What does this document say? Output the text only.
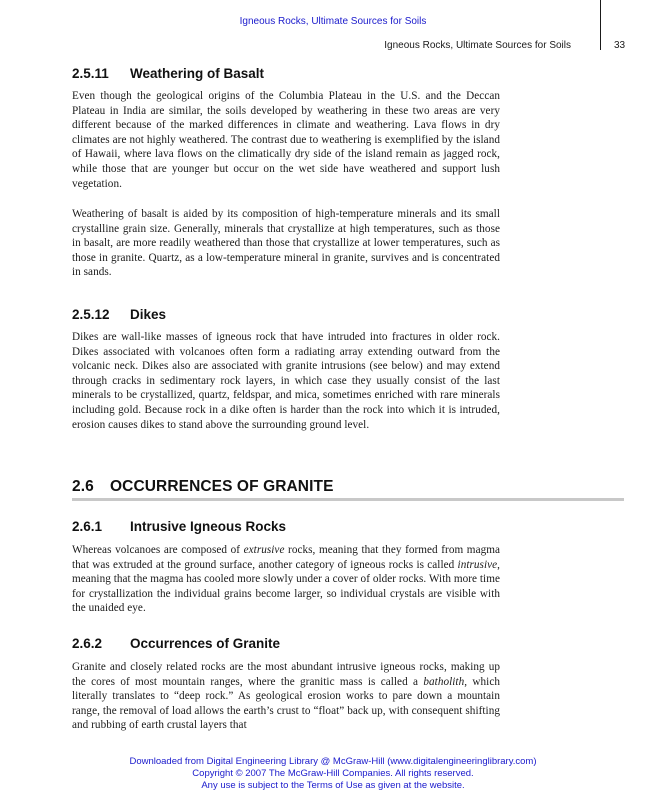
Igneous Rocks, Ultimate Sources for Soils
Igneous Rocks, Ultimate Sources for Soils	33
2.5.11 Weathering of Basalt

Even though the geological origins of the Columbia Plateau in the U.S. and the Deccan Plateau in India are similar, the soils developed by weathering in these two areas are very different because of the marked differences in climate and weathering. Lava flows in dry climates are not highly weathered. The contrast due to weathering is exemplified by the island of Hawaii, where lava flows on the climatically dry side of the island remain as jagged rock, while those that are younger but occur on the wet side have weathered and support lush vegetation.

Weathering of basalt is aided by its composition of high-temperature minerals and its small crystalline grain size. Generally, minerals that crystallize at high temperatures, such as those in basalt, are more readily weathered than those that crystallize at lower temperatures, such as those in granite. Quartz, as a low-temperature mineral in granite, survives and is concentrated in sands.

2.5.12 Dikes

Dikes are wall-like masses of igneous rock that have intruded into fractures in older rock. Dikes associated with volcanoes often form a radiating array extending outward from the volcanic neck. Dikes also are associated with granite intrusions (see below) and may extend through cracks in sedimentary rock layers, in which case they usually consist of the last minerals to be crystallized, quartz, feldspar, and mica, sometimes enriched with rare minerals including gold. Because rock in a dike often is harder than the rock into which it is intruded, erosion causes dikes to stand above the surrounding ground level.

2.6 OCCURRENCES OF GRANITE
2.6.1 Intrusive Igneous Rocks

Whereas volcanoes are composed of extrusive rocks, meaning that they formed from magma that was extruded at the ground surface, another category of igneous rocks is called intrusive, meaning that the magma has cooled more slowly under a cover of older rocks. With more time for crystallization the individual grains become larger, so individual crystals are visible with the unaided eye.

2.6.2 Occurrences of Granite

Granite and closely related rocks are the most abundant intrusive igneous rocks, making up the cores of most mountain ranges, where the granitic mass is called a batholith, which literally translates to “deep rock.” As geological erosion works to pare down a mountain range, the removal of load allows the earth’s crust to “float” back up, with consequent shifting and rubbing of earth crustal layers that

Downloaded from Digital Engineering Library @ McGraw-Hill (www.digitalengineeringlibrary.com)
Copyright © 2007 The McGraw-Hill Companies. All rights reserved.
Any use is subject to the Terms of Use as given at the website.
